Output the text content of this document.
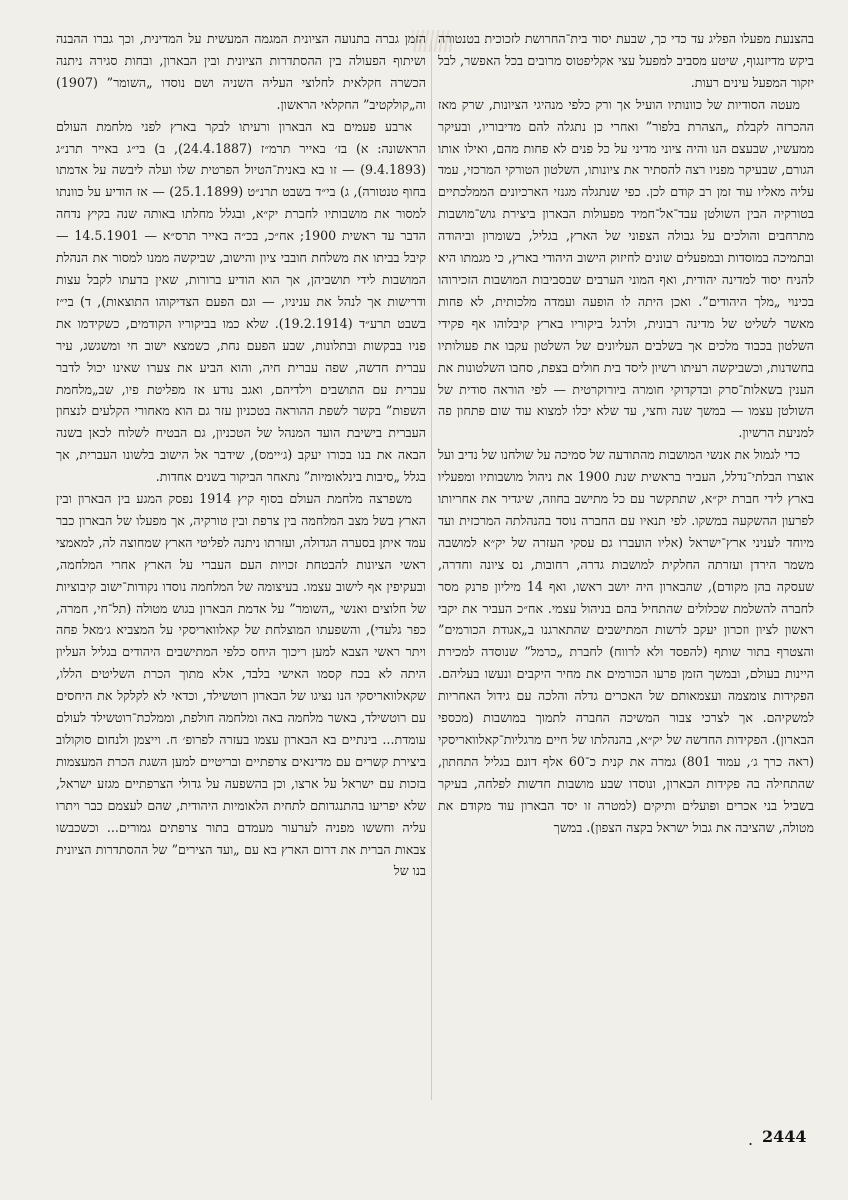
בהצנעת מפעלו הפליג עד כדי כך, שבעת יסוד בית־החרושת לזכוכית בטנטורה ביקש מדיזנגוף, שיטע מסביב למפעל עצי אקליפטוס מרובים בכל האפשר, לבל יזקור המפעל עינים רעות.

מעטה הסודיות של כוונותיו הועיל אך ורק כלפי מנהיגי הציונות, שרק מאז ההכרזה לקבלת „הצהרת בלפור” ואחרי כן נתגלה להם מדיבוריו, ובעיקר ממעשיו, שבעצם הנו והיה ציוני מדיני על כל פנים לא פחות מהם, ואילו אותו הגורם, שבעיקר מפניו רצה להסתיר את ציונותו, השלטון הטורקי המרכזי, עמד עליה מאליו עוד זמן רב קודם לכן. כפי שנתגלה מגנזי הארכיונים הממלכתיים בטורקיה הבין השולטן עבד־אל־חמיד מפעולות הבארון ביצירת גוש־מושבות מתרחבים והולכים על גבולה הצפוני של הארץ, בגליל, בשומרון וביהודה ובתמיכה במוסדות ובמפעלים שונים לחיזוק הישוב היהודי בארץ, כי מגמתו היא להניח יסוד למדינה יהודית, ואף המוני הערבים שבסביבות המושבות הזכירוהו בכינוי „מלך היהודים”. ואכן היתה לו הופעה ועמדה מלכותית, לא פחות מאשר לשליט של מדינה רבונית, ולרגל ביקוריו בארץ קיבלוהו אף פקידי השלטון בכבוד מלכים אך בשלבים העליונים של השלטון עקבו את פעולותיו בחשדנות, וכשביקשה רעיתו רשיון ליסד בית חולים בצפת, סחבו השלטונות את הענין בשאלות־סרק ובדקדוקי חומרה ביורוקרטית — לפי הוראה סודית של השולטן עצמו — במשך שנה וחצי, עד שלא יכלו למצוא עוד שום פתחון פה למניעת הרשיון.

כדי לגמול את אנשי המושבות מהתודעה של סמיכה על שולחנו של נדיב ועל אוצרו הבלתי־נדלל, העביר בראשית שנת 1900 את ניהול מושבותיו ומפעליו בארץ לידי חברת יק״א, שתתקשר עם כל מתישב בחוזה, שיגדיר את אחריותו לפרעון ההשקעה במשקו. לפי תנאיו עם החברה נוסד בהנהלתה המרכזית ועד מיוחד לעניני ארץ־ישראל (אליו הועברו גם עסקי העזרה של יק״א למושבה משמר הירדן ועזרתה החלקית למושבות גדרה, רחובות, נס ציונה וחדרה, שעסקה בהן מקודם), שהבארון היה יושב ראשו, ואף 14 מיליון פרנק מסר לחברה להשלמת שכלולים שהתחיל בהם בניהול עצמי. אח״כ העביר את יקבי ראשון לציון וזכרון יעקב לרשות המתישבים שהתארגנו ב„אגודת הכורמים” והצטרף בתור שותף (להפסד ולא לרווח) לחברת „כרמל” שנוסדה למכירת היינות בעולם, ובמשך הזמן פרעו הכורמים את מחיר היקבים ונעשו בעליהם. הפקידות צומצמה ועצמאותם של האכרים גדלה והלכה עם גידול האחריות למשקיהם. אך לצרכי צבור המשיכה החברה לתמוך במושבות (מכספי הבארון). הפקידות החדשה של יק״א, בהנהלתו של חיים מרגליות־קאלוואריסקי (ראה כרך ג׳, עמוד 801) גמרה את קנית כ־60 אלף דונם בגליל התחתון, שהתחילה בה פקידות הבארון, ונוסדו שבע מושבות חדשות לפלחה, בעיקר בשביל בני אכרים ופועלים ותיקים (למטרה זו יסד הבארון עוד מקודם את מטולה, שהציבה את גבול ישראל בקצה הצפון). במשך

הזמן גברה בתנועה הציונית המגמה המעשית על המדינית, וכך גברו ההבנה ושיתוף הפעולה בין ההסתדרות הציונית ובין הבארון, ובחות סגירה ניתנה הכשרה חקלאית לחלוצי העליה השניה ושם נוסדו „השומר” (1907) וה„קולקטיב” החקלאי הראשון.

ארבע פעמים בא הבארון ורעיתו לבקר בארץ לפני מלחמת העולם הראשונה: א) בז׳ באייר תרמ״ז (24.4.1887), ב) בי״ג באייר תרנ״ג (9.4.1893) — זו בא באנית־הטיול הפרטית שלו ועלה ליבשה על אדמתו בחוף טנטורה), ג) בי״ד בשבט תרנ״ט (25.1.1899) — אז הודיע על כוונתו למסור את מושבותיו לחברת יק״א, ובגלל מחלתו באותה שנה בקיץ נדחה הדבר עד ראשית 1900; אח״כ, בכ״ה באייר תרס״א — 14.5.1901 — קיבל בביתו את משלחת חובבי ציון והישוב, שביקשה ממנו למסור את הנהלת המושבות לידי תושביהן, אך הוא הודיע ברורות, שאין בדעתו לקבל עצות ודרישות אך לנהל את עניניו, — וגם הפעם הצדיקוהו התוצאות), ד) בי״ז בשבט תרע״ד (19.2.1914). שלא כמו בביקוריו הקודמים, כשקידמו את פניו בבקשות ובתלונות, שבע הפעם נחת, כשמצא ישוב חי ומשגשג, עיר עברית חדשה, שפה עברית חיה, והוא הביע את צערו שאינו יכול לדבר עברית עם התושבים וילדיהם, ואגב נודע אז מפליטת פיו, שב„מלחמת השפות” בקשר לשפת ההוראה בטכניון עזר גם הוא מאחורי הקלעים לנצחון העברית בישיבת הועד המנהל של הטכניון, גם הבטיח לשלוח לכאן בשנה הבאה את בנו בכורו יעקב (ג׳יימס), שידבר אל הישוב בלשונו העברית, אך בגלל „סיבות בינלאומיות” נתאחר הביקור בשנים אחדות.

משפרצה מלחמת העולם בסוף קיץ 1914 נפסק המגע בין הבארון ובין הארץ בשל מצב המלחמה בין צרפת ובין טורקיה, אך מפעלו של הבארון כבר עמד איתן בסערה הגדולה, ועזרתו ניתנה לפליטי הארץ שמחוצה לה, למאמצי ראשי הציונות להבטחת זכויות העם העברי על הארץ אחרי המלחמה, ובעקיפין אף לישוב עצמו. בעיצומה של המלחמה נוסדו נקודות־ישוב קיבוציות של חלוצים ואנשי „השומר” על אדמת הבארון בגוש מטולה (תל־חי, חמרה, כפר גלעדי), והשפעתו המוצלחת של קאלוואריסקי על המצביא ג׳מאל פחה ויתר ראשי הצבא למען ריכוך היחס כלפי המתישבים היהודים בגליל העליון היתה לא בכח קסמו האישי בלבד, אלא מתוך הכרת השליטים הללו, שקאלוואריסקי הנו נציגו של הבארון רוטשילד, וכדאי לא לקלקל את היחסים עם רוטשילד, באשר מלחמה באה ומלחמה חולפת, וממלכת־רוטשילד לעולם עומדת... בינתיים בא הבארון עצמו בעזרה לפרופ׳ ח. וייצמן ולנחום סוקולוב ביצירת קשרים עם מדינאים צרפתיים ובריטיים למען השגת הכרת המעצמות בזכות עם ישראל על ארצו, וכן בהשפעה על גדולי הצרפתיים מגזע ישראל, שלא יפריעו בהתנגדותם לתחית הלאומיות היהודית, שהם לעצמם כבר ויתרו עליה וחששו מפניה לערעור מעמדם בתור צרפתים גמורים... וכשכבשו צבאות הברית את דרום הארץ בא עם „ועד הצירים” של ההסתדרות הציונית בנו של

. 2444
